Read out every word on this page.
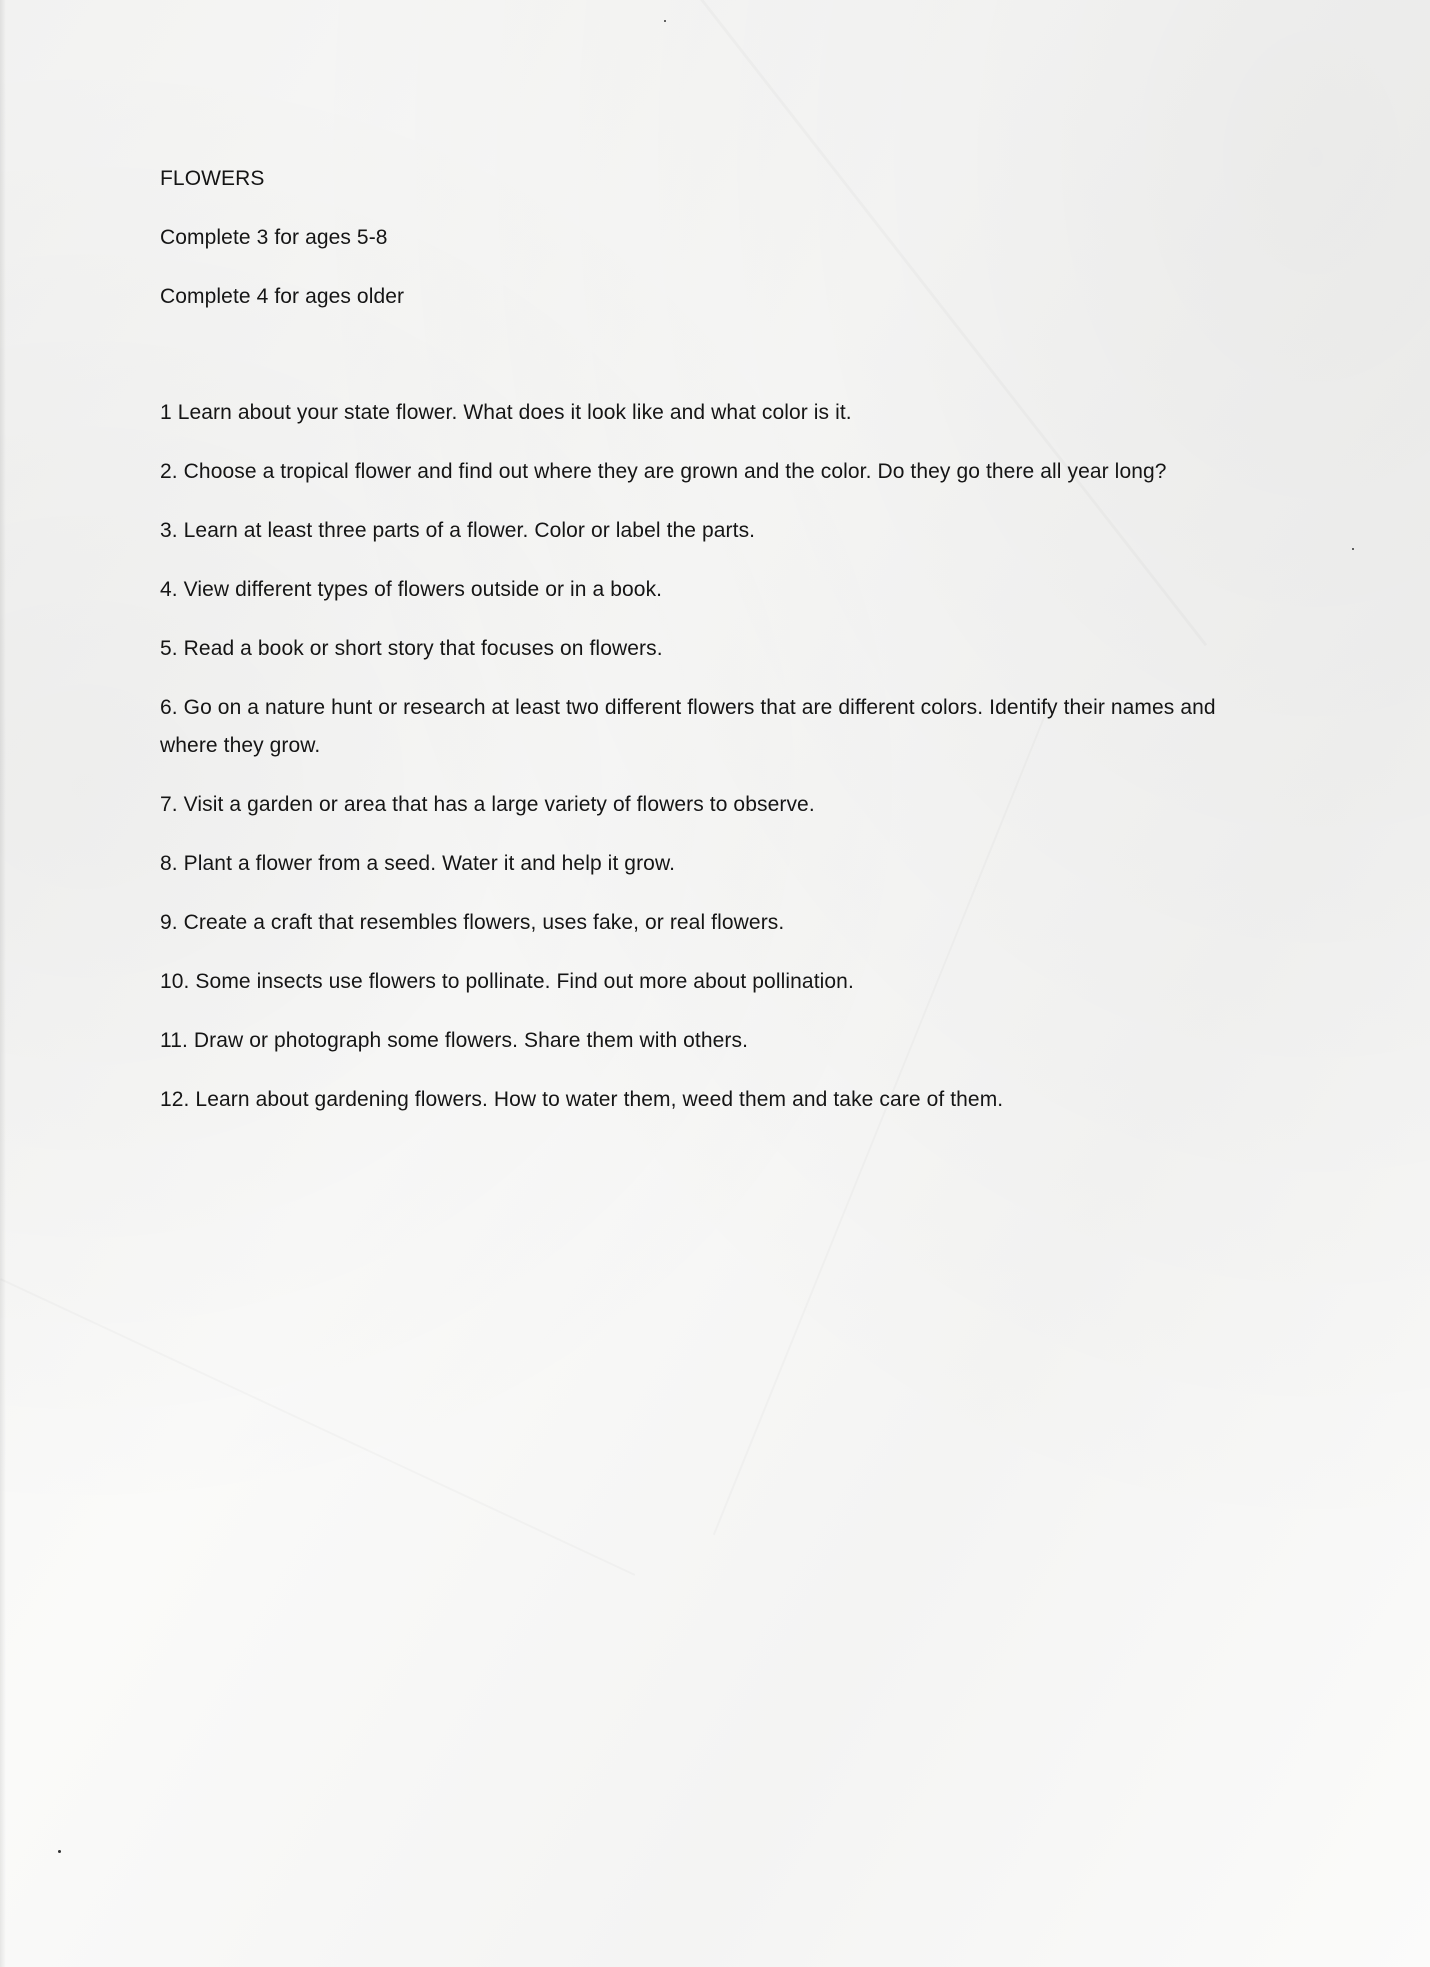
FLOWERS

Complete 3 for ages 5-8

Complete 4 for ages older

1 Learn about your state flower. What does it look like and what color is it.

2. Choose a tropical flower and find out where they are grown and the color. Do they go there all year long?

3. Learn at least three parts of a flower. Color or label the parts.

4. View different types of flowers outside or in a book.

5. Read a book or short story that focuses on flowers.

6. Go on a nature hunt or research at least two different flowers that are different colors. Identify their names and where they grow.

7. Visit a garden or area that has a large variety of flowers to observe.

8. Plant a flower from a seed. Water it and help it grow.

9. Create a craft that resembles flowers, uses fake, or real flowers.

10. Some insects use flowers to pollinate. Find out more about pollination.

11. Draw or photograph some flowers. Share them with others.

12. Learn about gardening flowers. How to water them, weed them and take care of them.
